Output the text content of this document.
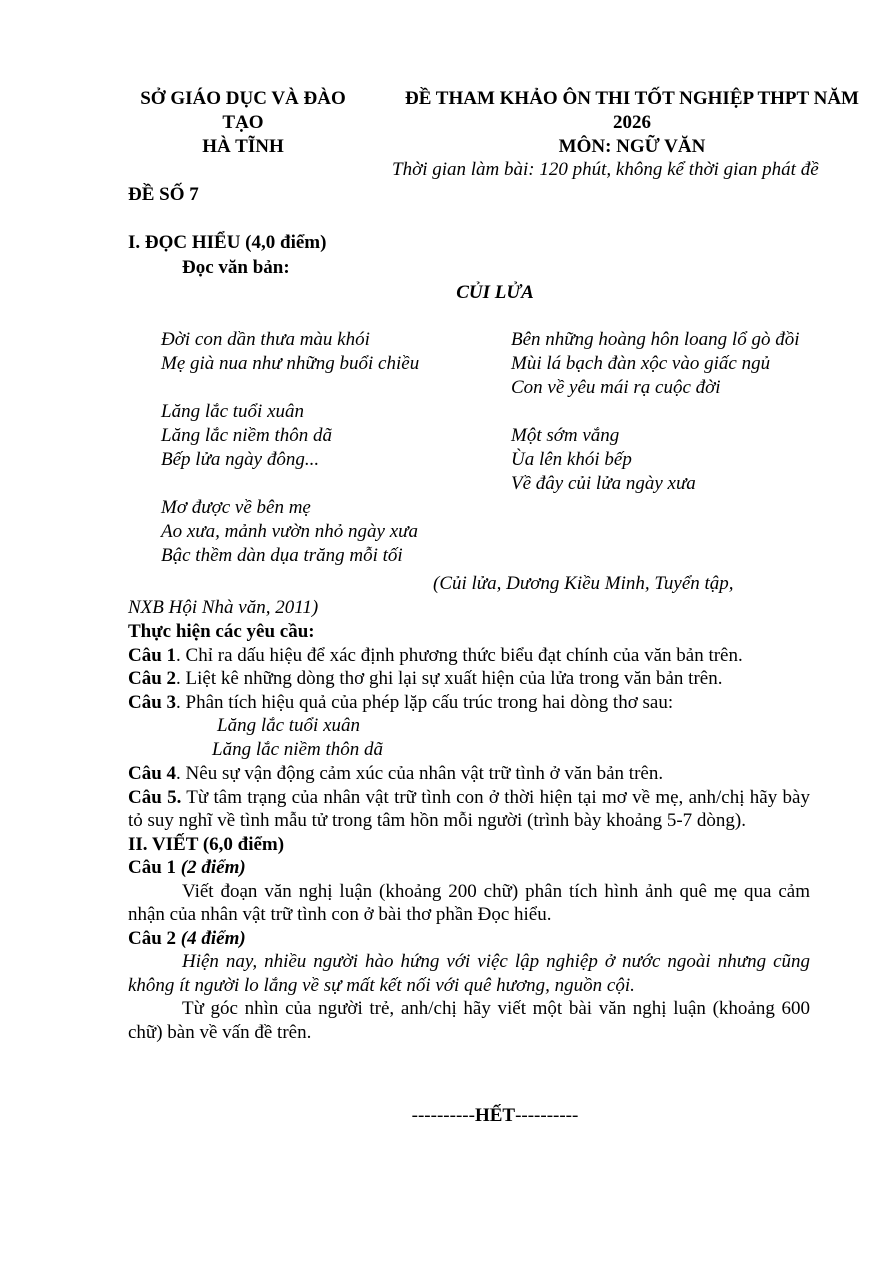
SỞ GIÁO DỤC VÀ ĐÀO
TẠO
HÀ TĨNH
ĐỀ THAM KHẢO ÔN THI TỐT NGHIỆP THPT NĂM
2026
MÔN: NGỮ VĂN
Thời gian làm bài: 120 phút, không kể thời gian phát đề
ĐỀ SỐ 7
I. ĐỌC HIỂU (4,0 điểm)
Đọc văn bản:
CỦI LỬA
Đời con dần thưa màu khói
Mẹ già nua như những buổi chiều
Lăng lắc tuổi xuân
Lăng lắc niềm thôn dã
Bếp lửa ngày đông...
Mơ được về bên mẹ
Ao xưa, mảnh vườn nhỏ ngày xưa
Bậc thềm dàn dụa trăng mỗi tối
Bên những hoàng hôn loang lổ gò đồi
Mùi lá bạch đàn xộc vào giấc ngủ
Con về yêu mái rạ cuộc đời
Một sớm vắng
Ùa lên khói bếp
Về đây củi lửa ngày xưa
(Củi lửa, Dương Kiều Minh, Tuyển tập,
NXB Hội Nhà văn, 2011)

Thực hiện các yêu cầu:

Câu 1. Chỉ ra dấu hiệu để xác định phương thức biểu đạt chính của văn bản trên.

Câu 2. Liệt kê những dòng thơ ghi lại sự xuất hiện của lửa trong văn bản trên.

Câu 3. Phân tích hiệu quả của phép lặp cấu trúc trong hai dòng thơ sau:

Lăng lắc tuổi xuân

Lăng lắc niềm thôn dã

Câu 4. Nêu sự vận động cảm xúc của nhân vật trữ tình ở văn bản trên.

Câu 5. Từ tâm trạng của nhân vật trữ tình con ở thời hiện tại mơ về mẹ, anh/chị hãy bày tỏ suy nghĩ về tình mẫu tử trong tâm hồn mỗi người (trình bày khoảng 5-7 dòng).

II. VIẾT (6,0 điểm)

Câu 1 (2 điểm)

Viết đoạn văn nghị luận (khoảng 200 chữ) phân tích hình ảnh quê mẹ qua cảm nhận của nhân vật trữ tình con ở bài thơ phần Đọc hiểu.

Câu 2 (4 điểm)

Hiện nay, nhiều người hào hứng với việc lập nghiệp ở nước ngoài nhưng cũng không ít người lo lắng về sự mất kết nối với quê hương, nguồn cội.

Từ góc nhìn của người trẻ, anh/chị hãy viết một bài văn nghị luận (khoảng 600 chữ) bàn về vấn đề trên.

----------HẾT----------
